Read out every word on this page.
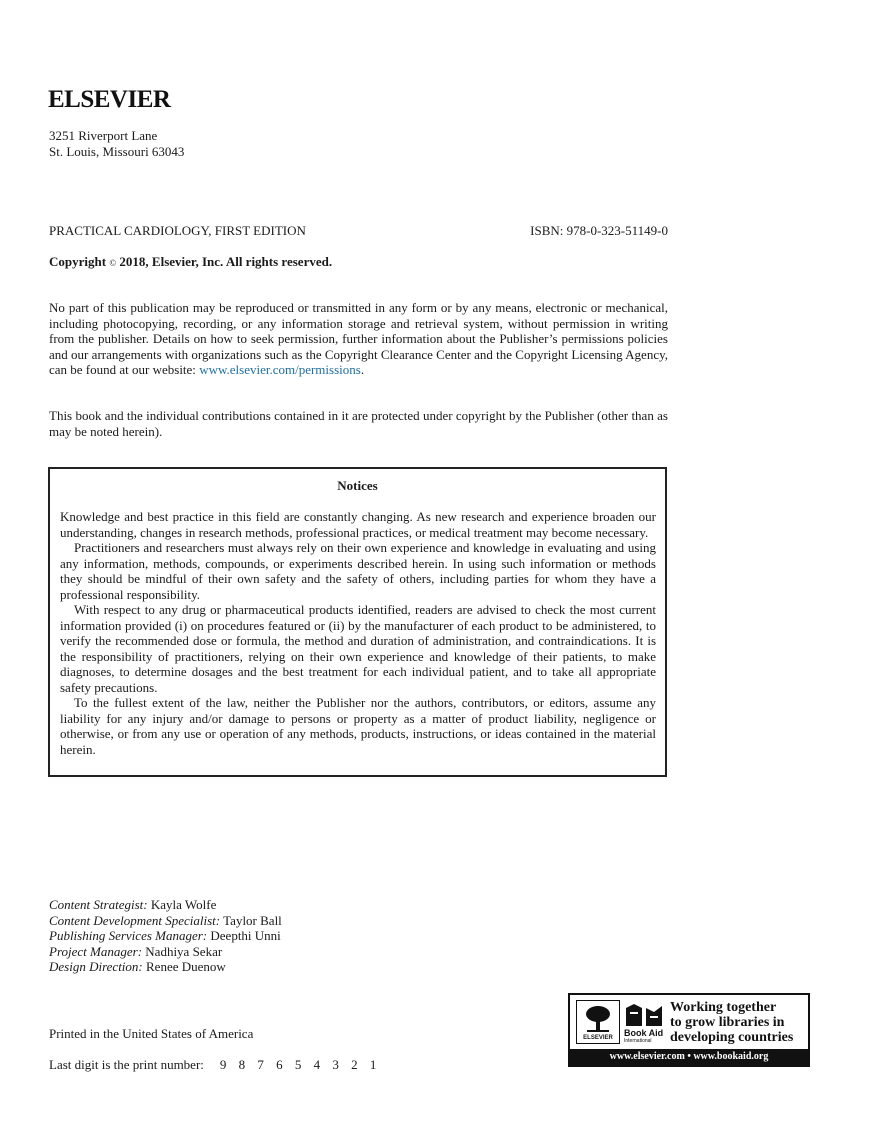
ELSEVIER
3251 Riverport Lane
St. Louis, Missouri 63043
PRACTICAL CARDIOLOGY, FIRST EDITION	ISBN: 978-0-323-51149-0
Copyright © 2018, Elsevier, Inc. All rights reserved.

No part of this publication may be reproduced or transmitted in any form or by any means, electronic or mechanical, including photocopying, recording, or any information storage and retrieval system, without permission in writing from the publisher. Details on how to seek permission, further information about the Publisher’s permissions policies and our arrangements with organizations such as the Copyright Clearance Center and the Copyright Licensing Agency, can be found at our website: www.elsevier.com/permissions.

This book and the individual contributions contained in it are protected under copyright by the Publisher (other than as may be noted herein).

Notices

Knowledge and best practice in this field are constantly changing. As new research and experience broaden our understanding, changes in research methods, professional practices, or medical treatment may become necessary.

Practitioners and researchers must always rely on their own experience and knowledge in evaluating and using any information, methods, compounds, or experiments described herein. In using such information or methods they should be mindful of their own safety and the safety of others, including parties for whom they have a professional responsibility.

With respect to any drug or pharmaceutical products identified, readers are advised to check the most current information provided (i) on procedures featured or (ii) by the manufacturer of each product to be administered, to verify the recommended dose or formula, the method and duration of administration, and contraindications. It is the responsibility of practitioners, relying on their own experience and knowledge of their patients, to make diagnoses, to determine dosages and the best treatment for each individual patient, and to take all appropriate safety precautions.

To the fullest extent of the law, neither the Publisher nor the authors, contributors, or editors, assume any liability for any injury and/or damage to persons or property as a matter of product liability, negligence or otherwise, or from any use or operation of any methods, products, instructions, or ideas contained in the material herein.

Content Strategist: Kayla Wolfe
Content Development Specialist: Taylor Ball
Publishing Services Manager: Deepthi Unni
Project Manager: Nadhiya Sekar
Design Direction: Renee Duenow
Printed in the United States of America
Last digit is the print number: 9 8 7 6 5 4 3 2 1
ELSEVIER	Book Aid
International
Working together
to grow libraries in
developing countries
www.elsevier.com • www.bookaid.org
